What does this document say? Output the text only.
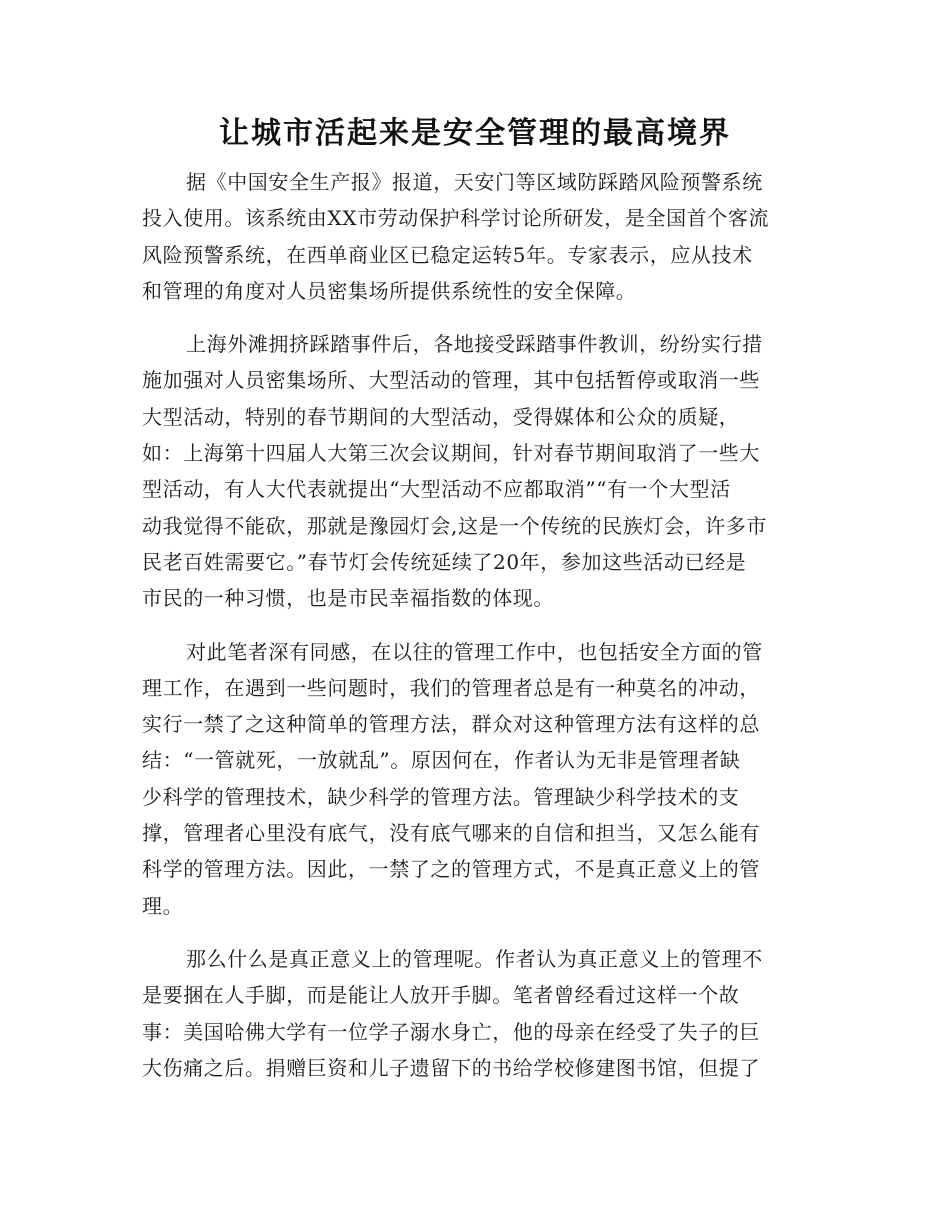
让城市活起来是安全管理的最高境界
据《中国安全生产报》报道，天安门等区域防踩踏风险预警系统
投入使用。该系统由XX市劳动保护科学讨论所研发，是全国首个客流
风险预警系统，在西单商业区已稳定运转5年。专家表示，应从技术
和管理的角度对人员密集场所提供系统性的安全保障。
上海外滩拥挤踩踏事件后，各地接受踩踏事件教训，纷纷实行措
施加强对人员密集场所、大型活动的管理，其中包括暂停或取消一些
大型活动，特别的春节期间的大型活动，受得媒体和公众的质疑，
如：上海第十四届人大第三次会议期间，针对春节期间取消了一些大
型活动，有人大代表就提出“大型活动不应都取消”“有一个大型活
动我觉得不能砍，那就是豫园灯会,这是一个传统的民族灯会，许多市
民老百姓需要它。”春节灯会传统延续了20年，参加这些活动已经是
市民的一种习惯，也是市民幸福指数的体现。
对此笔者深有同感，在以往的管理工作中，也包括安全方面的管
理工作，在遇到一些问题时，我们的管理者总是有一种莫名的冲动，
实行一禁了之这种简单的管理方法，群众对这种管理方法有这样的总
结：“一管就死，一放就乱”。原因何在，作者认为无非是管理者缺
少科学的管理技术，缺少科学的管理方法。管理缺少科学技术的支
撑，管理者心里没有底气，没有底气哪来的自信和担当，又怎么能有
科学的管理方法。因此，一禁了之的管理方式，不是真正意义上的管
理。
那么什么是真正意义上的管理呢。作者认为真正意义上的管理不
是要捆在人手脚，而是能让人放开手脚。笔者曾经看过这样一个故
事：美国哈佛大学有一位学子溺水身亡，他的母亲在经受了失子的巨
大伤痛之后。捐赠巨资和儿子遗留下的书给学校修建图书馆，但提了
